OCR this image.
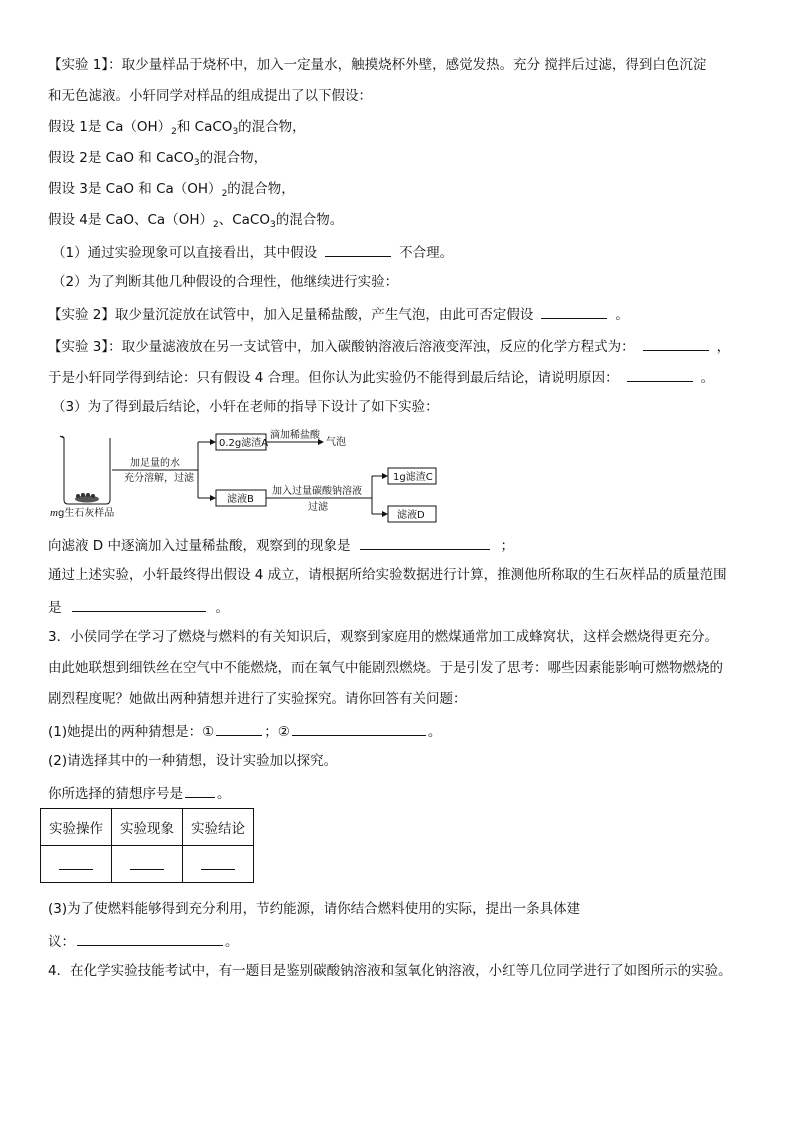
【实验 1】：取少量样品于烧杯中，加入一定量水，触摸烧杯外壁，感觉发热。充分 搅拌后过滤，得到白色沉淀
和无色滤液。小轩同学对样品的组成提出了以下假设：
假设 1是 $Ca(OH)_2$和 CaCO$_3$的混合物，
假设 2是 CaO 和 CaCO$_3$的混合物，
假设 3是 CaO 和 $Ca(OH)_2$的混合物，
假设 4是 CaO、$Ca(OH)_2$、CaCO$_3$的混合物。
（1）通过实验现象可以直接看出，其中假设	不合理。
（2）为了判断其他几种假设的合理性，他继续进行实验：
【实验 2】取少量沉淀放在试管中，加入足量稀盐酸，产生气泡，由此可否定假设	。
【实验 3】：取少量滤液放在另一支试管中，加入碳酸钠溶液后溶液变浑浊，反应的化学方程式为：	，
于是小轩同学得到结论：只有假设 4 合理。但你认为此实验仍不能得到最后结论，请说明原因：	。
（3）为了得到最后结论，小轩在老师的指导下设计了如下实验：
mg生石灰样品
加足量的水
充分溶解，过滤
0.2g滤渣A
滴加稀盐酸
气泡
滤液B
加入过量碳酸钠溶液
过滤
1g滤渣C
滤液D
向滤液 D 中逐滴加入过量稀盐酸，观察到的现象是	；
通过上述实验，小轩最终得出假设 4 成立，请根据所给实验数据进行计算，推测他所称取的生石灰样品的质量范围
是	。
3．小侯同学在学习了燃烧与燃料的有关知识后，观察到家庭用的燃煤通常加工成蜂窝状，这样会燃烧得更充分。
由此她联想到细铁丝在空气中不能燃烧，而在氧气中能剧烈燃烧。于是引发了思考：哪些因素能影响可燃物燃烧的
剧烈程度呢？她做出两种猜想并进行了实验探究。请你回答有关问题：
(1)她提出的两种猜想是：①	；②	。
(2)请选择其中的一种猜想，设计实验加以探究。
你所选择的猜想序号是	。
实验操作	实验现象	实验结论

(3)为了使燃料能够得到充分利用，节约能源，请你结合燃料使用的实际，提出一条具体建
议：	。
4．在化学实验技能考试中，有一题目是鉴别碳酸钠溶液和氢氧化钠溶液，小红等几位同学进行了如图所示的实验。
